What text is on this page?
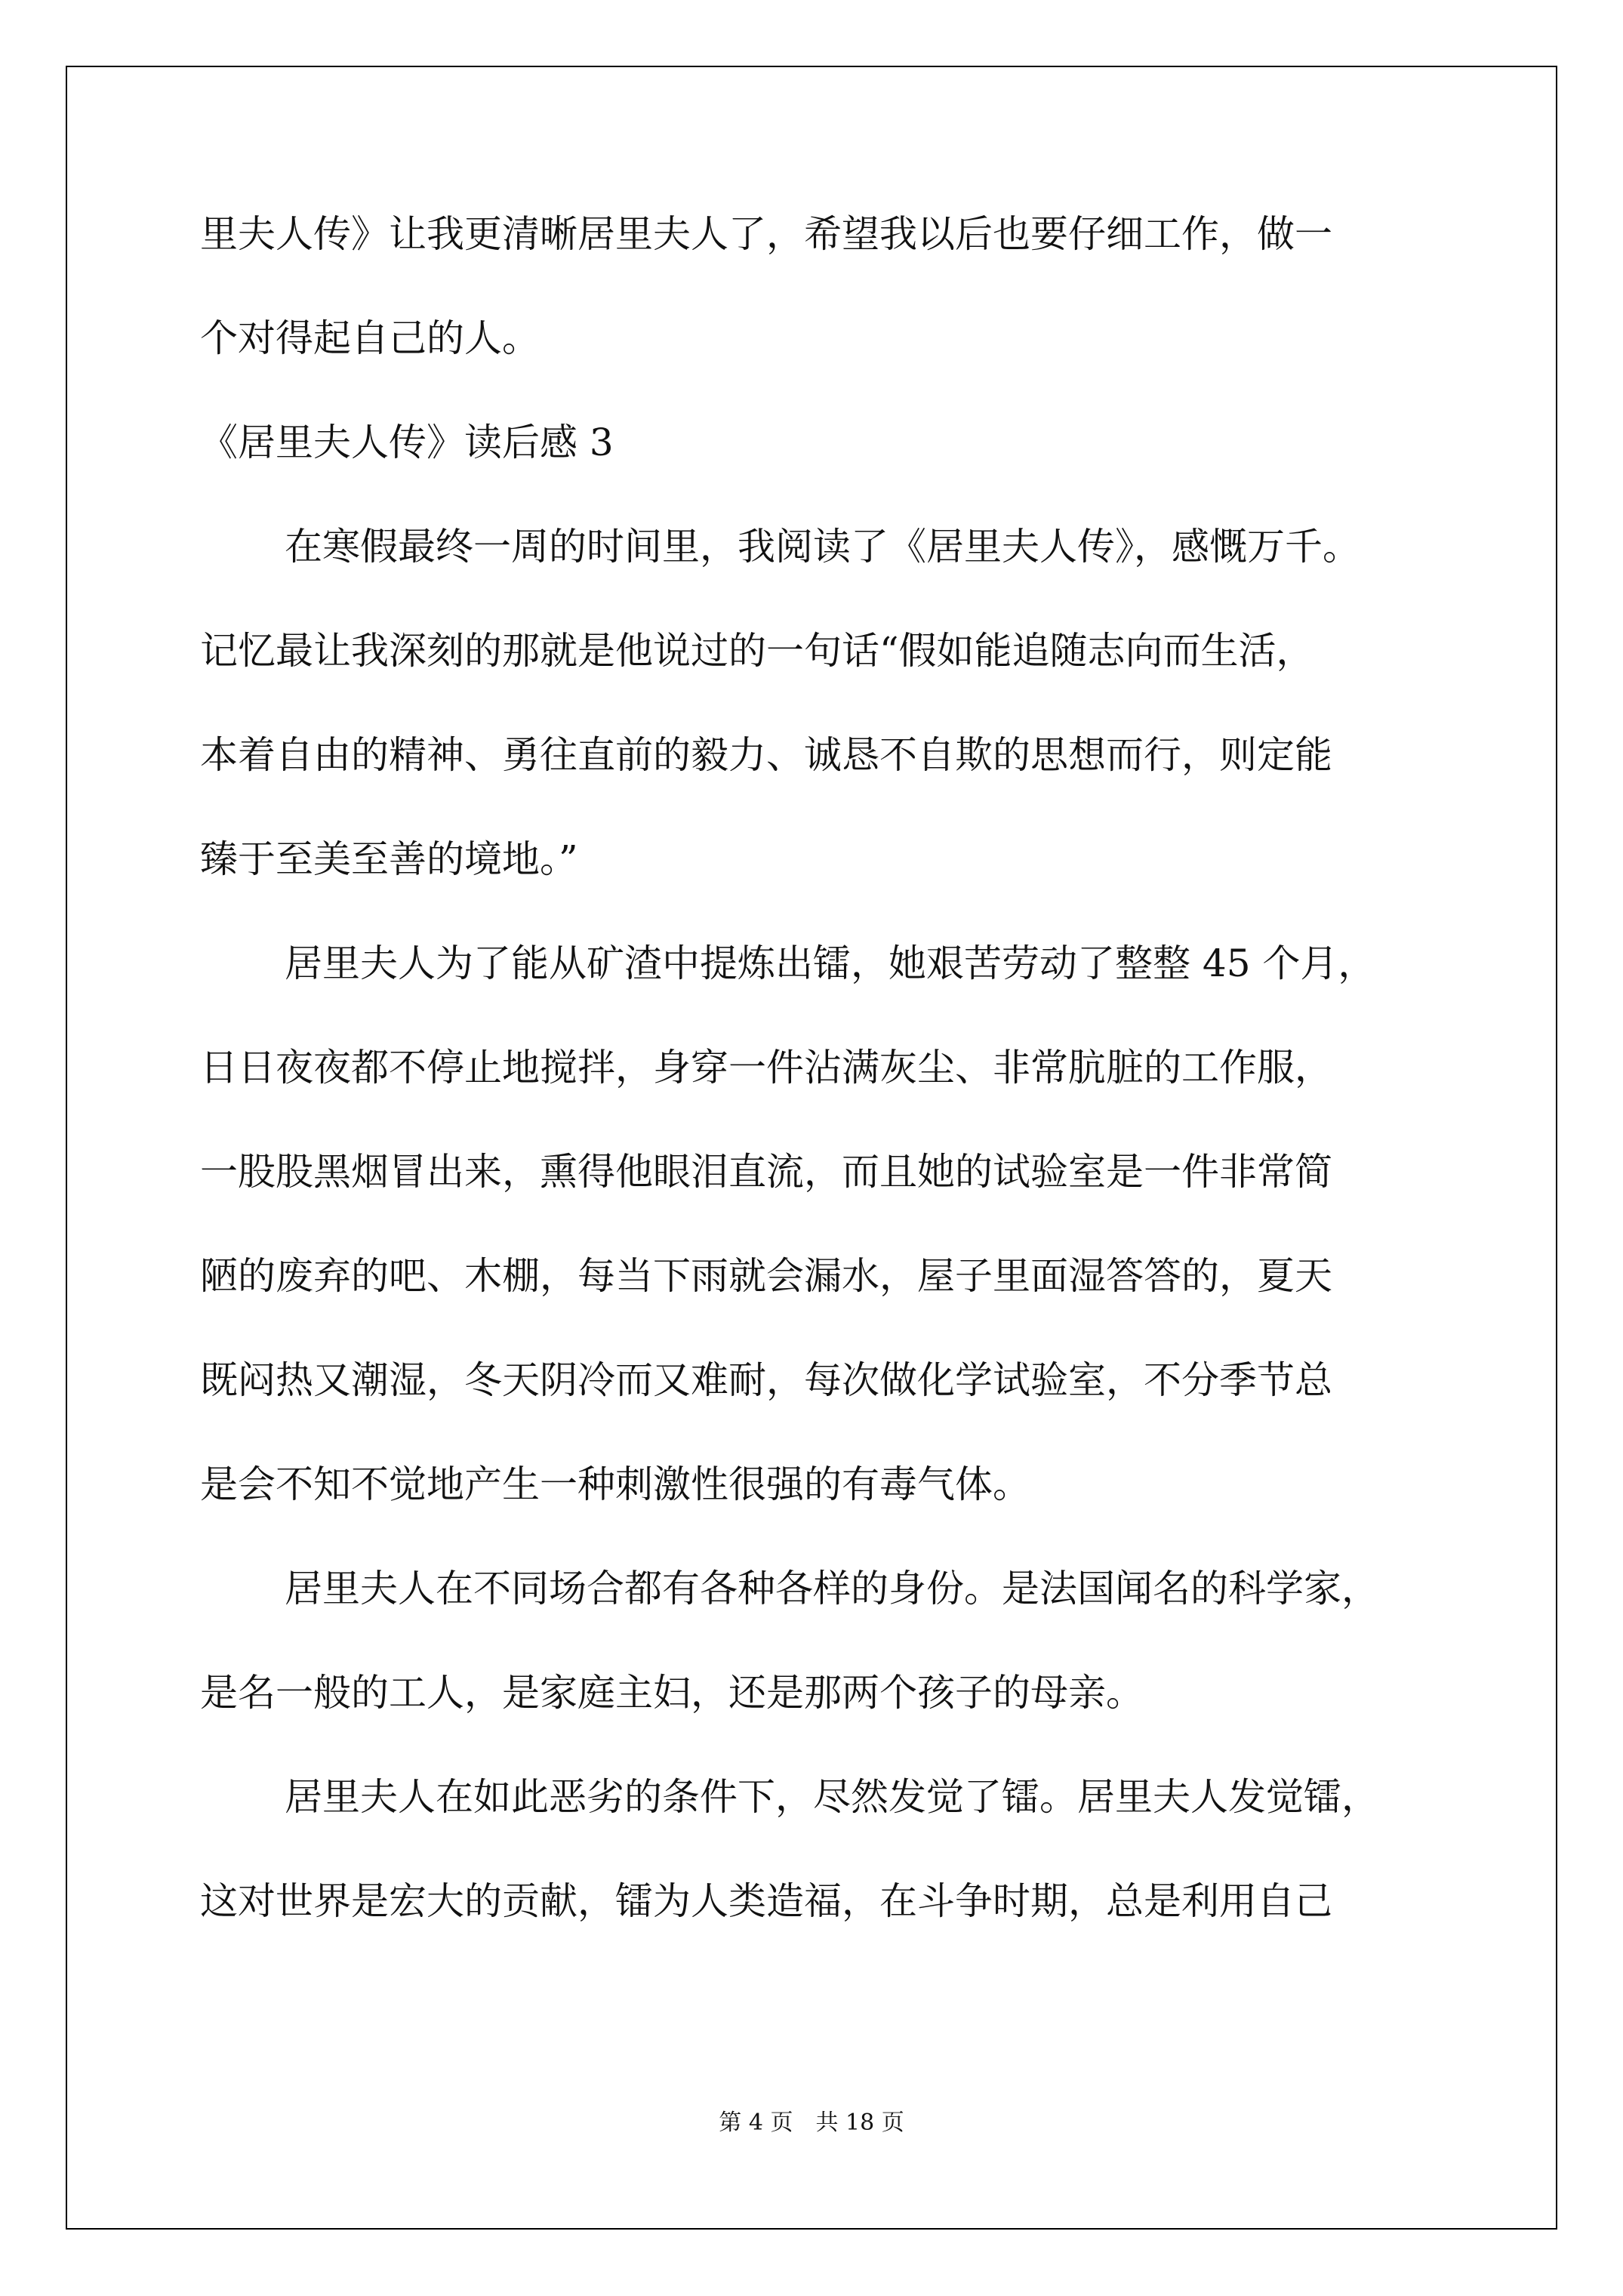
里夫人传》让我更清晰居里夫人了，希望我以后也要仔细工作，做一
个对得起自己的人。
《居里夫人传》读后感 3
在寒假最终一周的时间里，我阅读了《居里夫人传》，感慨万千。
记忆最让我深刻的那就是他说过的一句话“假如能追随志向而生活，
本着自由的精神、勇往直前的毅力、诚恳不自欺的思想而行，则定能
臻于至美至善的境地。”
居里夫人为了能从矿渣中提炼出镭，她艰苦劳动了整整 45 个月，
日日夜夜都不停止地搅拌，身穿一件沾满灰尘、非常肮脏的工作服，
一股股黑烟冒出来，熏得他眼泪直流，而且她的试验室是一件非常简
陋的废弃的吧、木棚，每当下雨就会漏水，屋子里面湿答答的，夏天
既闷热又潮湿，冬天阴冷而又难耐，每次做化学试验室，不分季节总
是会不知不觉地产生一种刺激性很强的有毒气体。
居里夫人在不同场合都有各种各样的身份。是法国闻名的科学家，
是名一般的工人，是家庭主妇，还是那两个孩子的母亲。
居里夫人在如此恶劣的条件下，尽然发觉了镭。居里夫人发觉镭，
这对世界是宏大的贡献，镭为人类造福，在斗争时期，总是利用自己
第 4 页　共 18 页
